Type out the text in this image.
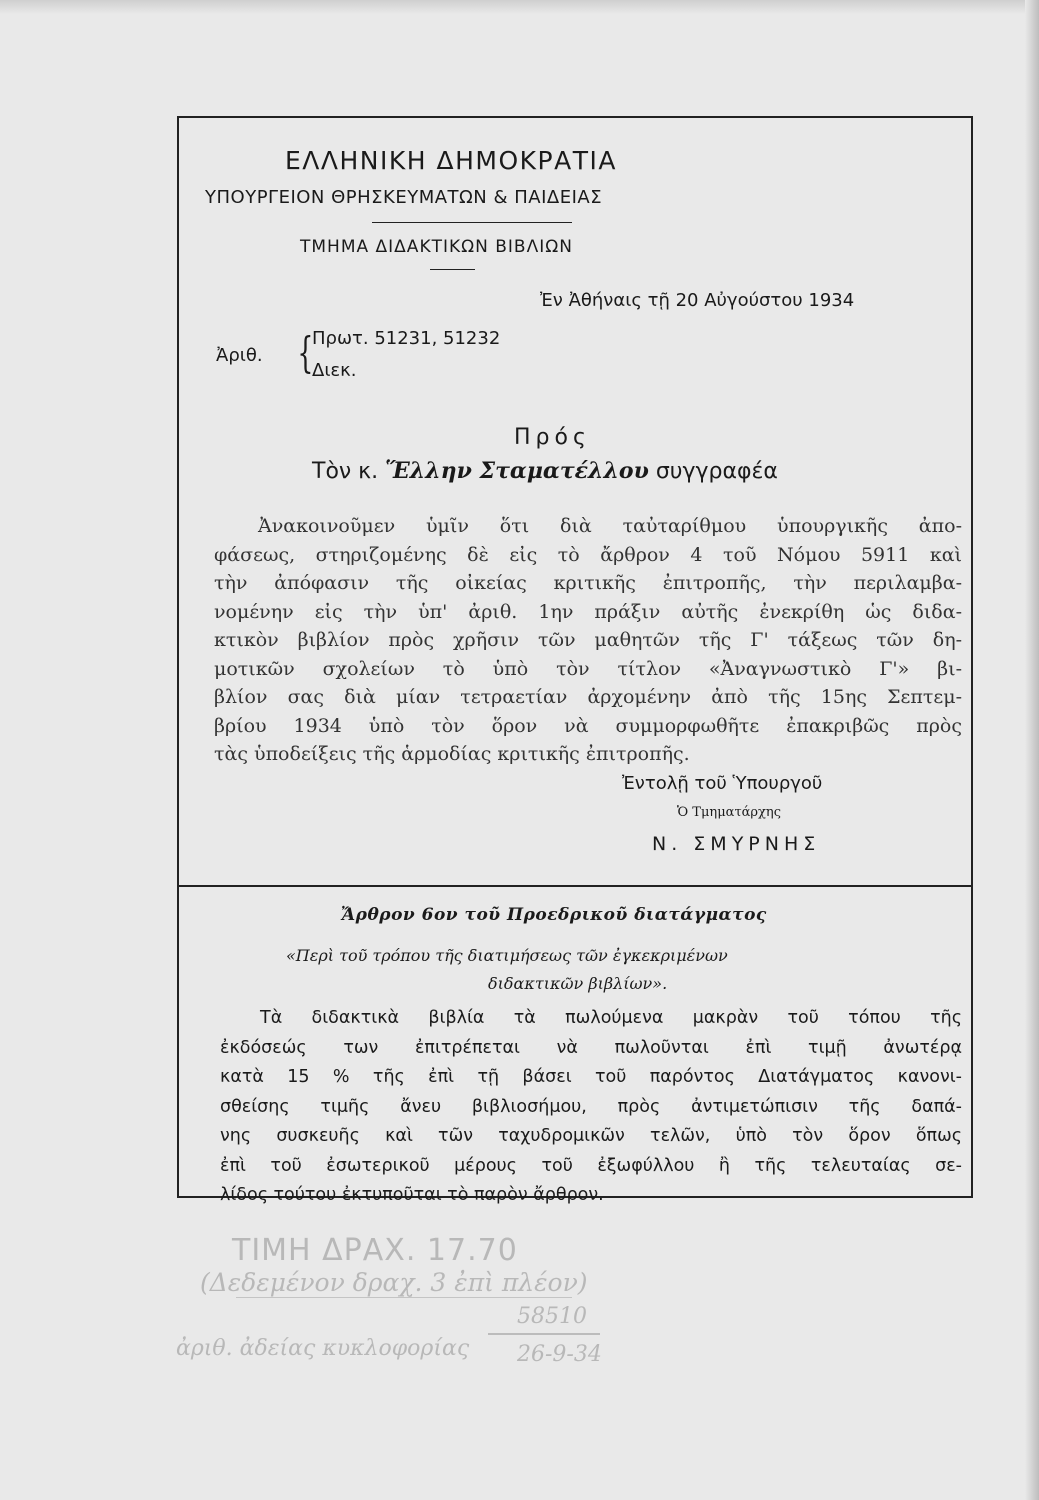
ΕΛΛΗΝΙΚΗ ΔΗΜΟΚΡΑΤΙΑ
ΥΠΟΥΡΓΕΙΟΝ ΘΡΗΣΚΕΥΜΑΤΩΝ & ΠΑΙΔΕΙΑΣ
ΤΜΗΜΑ ΔΙΔΑΚΤΙΚΩΝ ΒΙΒΛΙΩΝ
Ἐν Ἀθήναις τῇ 20 Αὐγούστου 1934
Ἀριθ. {
Πρωτ. 51231, 51232
Διεκ.
Πρός
Τὸν κ. Ἕλλην Σταματέλλου συγγραφέα
Ἀνακοινοῦμεν ὑμῖν ὅτι διὰ ταὐταρίθμου ὑπουργικῆς ἀπο-
φάσεως, στηριζομένης δὲ εἰς τὸ ἄρθρον 4 τοῦ Νόμου 5911 καὶ
τὴν ἀπόφασιν τῆς οἰκείας κριτικῆς ἐπιτροπῆς, τὴν περιλαμβα-
νομένην εἰς τὴν ὑπ' ἀριθ. 1ην πράξιν αὐτῆς ἐνεκρίθη ὡς διδα-
κτικὸν βιβλίον πρὸς χρῆσιν τῶν μαθητῶν τῆς Γ' τάξεως τῶν δη-
μοτικῶν σχολείων τὸ ὑπὸ τὸν τίτλον «Ἀναγνωστικὸ Γ'» βι-
βλίον σας διὰ μίαν τετραετίαν ἀρχομένην ἀπὸ τῆς 15ης Σεπτεμ-
βρίου 1934 ὑπὸ τὸν ὅρον νὰ συμμορφωθῆτε ἐπακριβῶς πρὸς
τὰς ὑποδείξεις τῆς ἁρμοδίας κριτικῆς ἐπιτροπῆς.
Ἐντολῇ τοῦ Ὑπουργοῦ
Ὁ Τμηματάρχης
Ν. ΣΜΥΡΝΗΣ
Ἄρθρον 6ον τοῦ Προεδρικοῦ διατάγματος
«Περὶ τοῦ τρόπου τῆς διατιμήσεως τῶν ἐγκεκριμένων
διδακτικῶν βιβλίων».
Τὰ διδακτικὰ βιβλία τὰ πωλούμενα μακρὰν τοῦ τόπου τῆς
ἐκδόσεώς των ἐπιτρέπεται νὰ πωλοῦνται ἐπὶ τιμῇ ἀνωτέρᾳ
κατὰ 15 % τῆς ἐπὶ τῇ βάσει τοῦ παρόντος Διατάγματος κανονι-
σθείσης τιμῆς ἄνευ βιβλιοσήμου, πρὸς ἀντιμετώπισιν τῆς δαπά-
νης συσκευῆς καὶ τῶν ταχυδρομικῶν τελῶν, ὑπὸ τὸν ὅρον ὅπως
ἐπὶ τοῦ ἐσωτερικοῦ μέρους τοῦ ἐξωφύλλου ἢ τῆς τελευταίας σε-
λίδος τούτου ἐκτυποῦται τὸ παρὸν ἄρθρον.
ΤΙΜΗ ΔΡΑΧ. 17.70
(Δεδεμένον δραχ. 3 ἐπὶ πλέον)
58510
ἀριθ. ἀδείας κυκλοφορίας 26-9-34
